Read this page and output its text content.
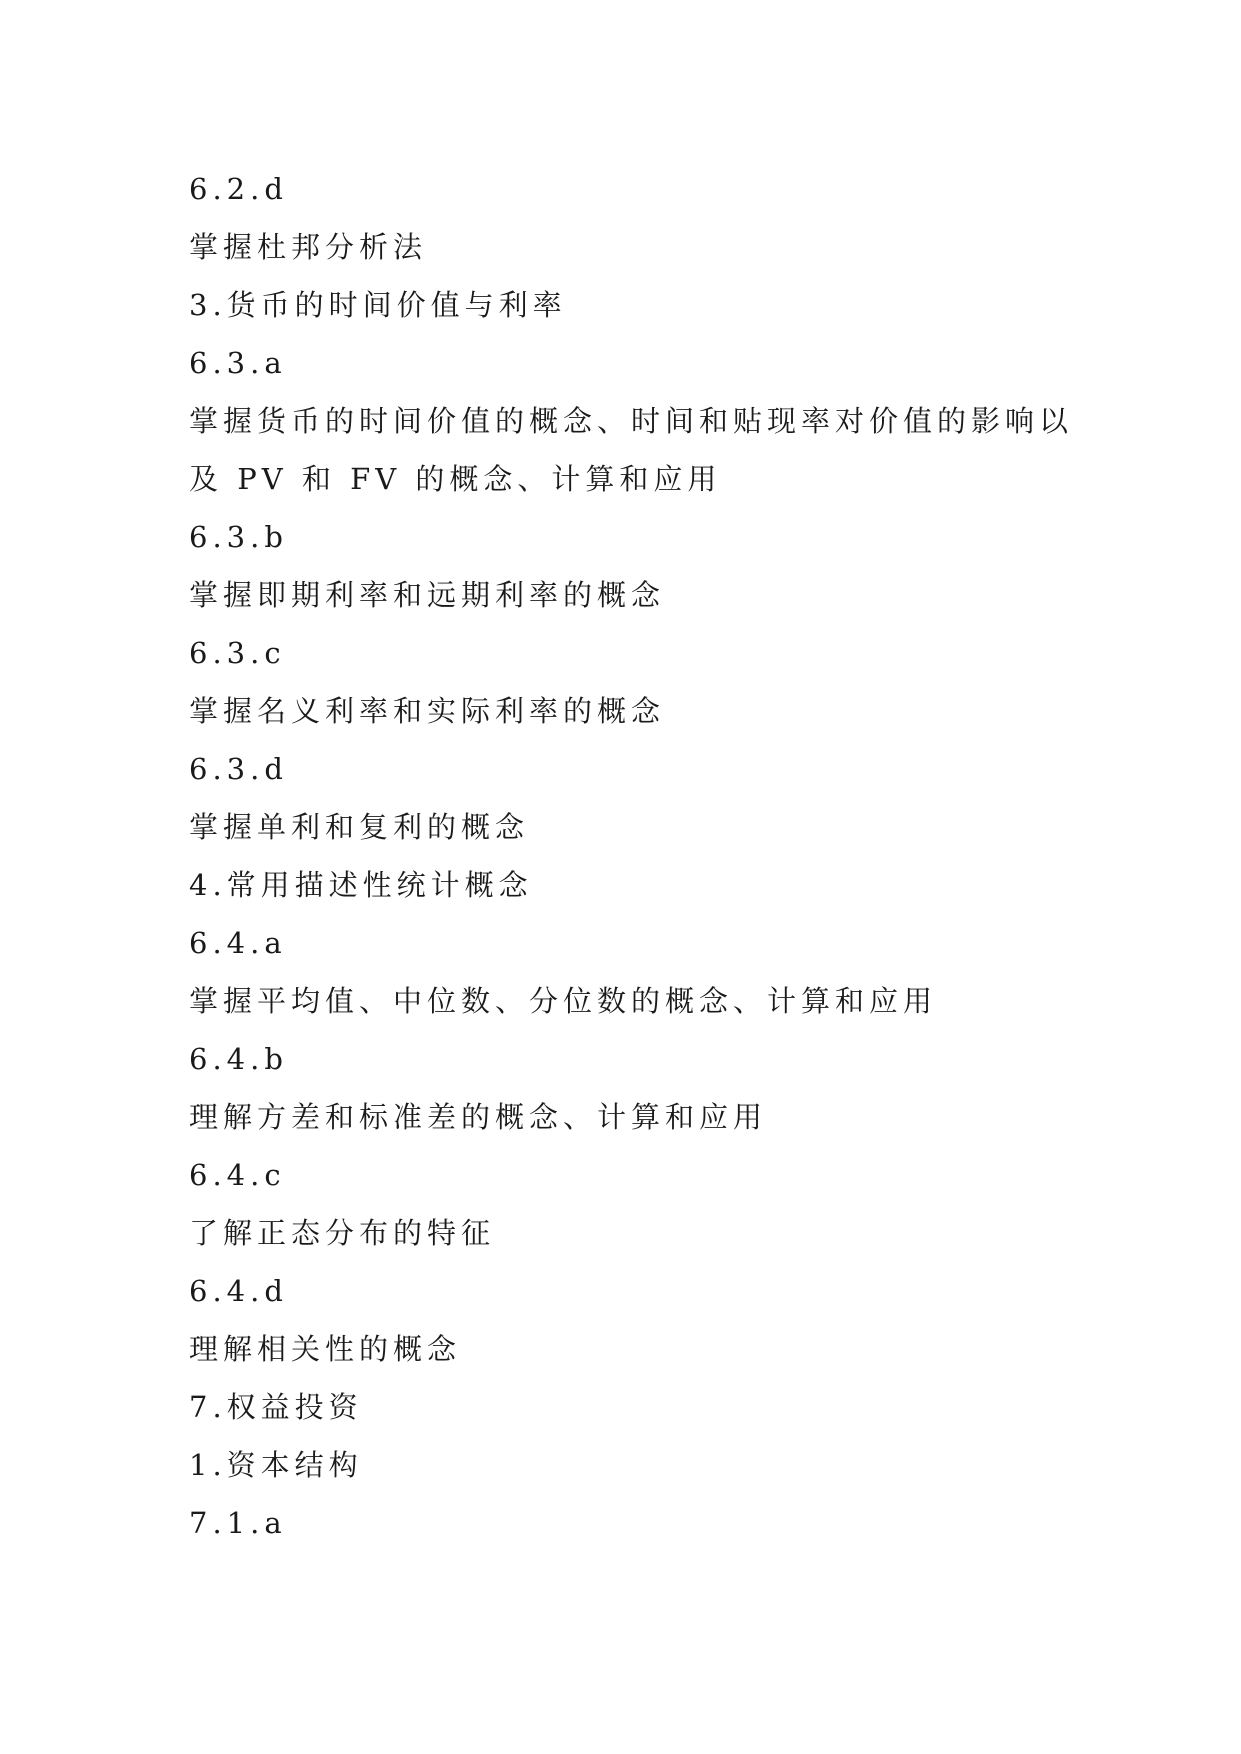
6.2.d
掌握杜邦分析法
3.货币的时间价值与利率
6.3.a
掌握货币的时间价值的概念、时间和贴现率对价值的影响以
及 PV 和 FV 的概念、计算和应用
6.3.b
掌握即期利率和远期利率的概念
6.3.c
掌握名义利率和实际利率的概念
6.3.d
掌握单利和复利的概念
4.常用描述性统计概念
6.4.a
掌握平均值、中位数、分位数的概念、计算和应用
6.4.b
理解方差和标准差的概念、计算和应用
6.4.c
了解正态分布的特征
6.4.d
理解相关性的概念
7.权益投资
1.资本结构
7.1.a
